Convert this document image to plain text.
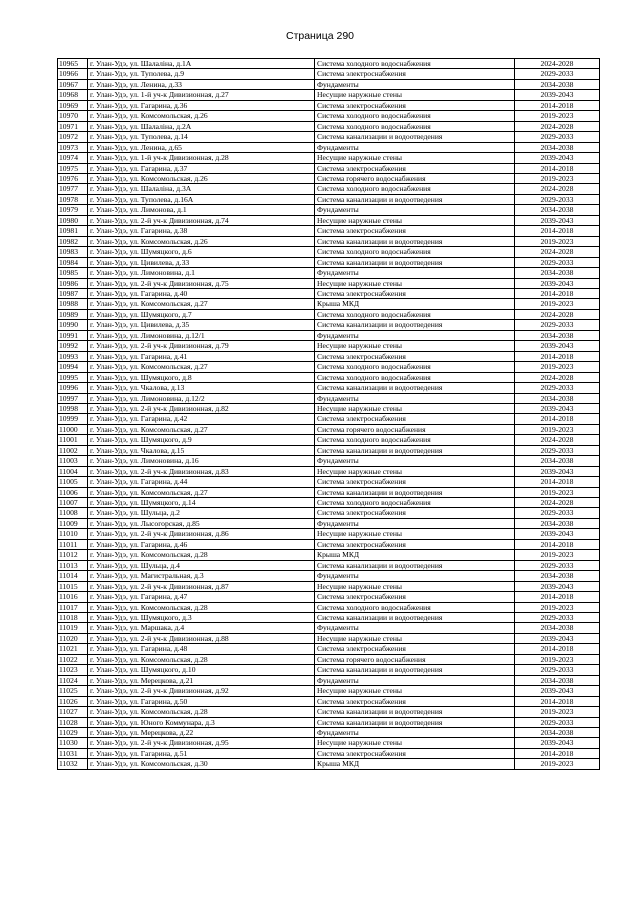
Страница 290
10965	г. Улан-Удэ, ул. Шалаліна, д.1А	Система холодного водоснабжения	2024-2028
10966	г. Улан-Удэ, ул. Туполева, д.9	Система электроснабжения	2029-2033
10967	г. Улан-Удэ, ул. Ленина, д.33	Фундаменты	2034-2038
10968	г. Улан-Удэ, ул. 1-й уч-к Дивизионная, д.27	Несущие наружные стены	2039-2043
10969	г. Улан-Удэ, ул. Гагарина, д.36	Система электроснабжения	2014-2018
10970	г. Улан-Удэ, ул. Комсомольская, д.26	Система холодного водоснабжения	2019-2023
10971	г. Улан-Удэ, ул. Шалаліна, д.2А	Система холодного водоснабжения	2024-2028
10972	г. Улан-Удэ, ул. Туполева, д.14	Система канализации и водоотведения	2029-2033
10973	г. Улан-Удэ, ул. Ленина, д.65	Фундаменты	2034-2038
10974	г. Улан-Удэ, ул. 1-й уч-к Дивизионная, д.28	Несущие наружные стены	2039-2043
10975	г. Улан-Удэ, ул. Гагарина, д.37	Система электроснабжения	2014-2018
10976	г. Улан-Удэ, ул. Комсомольская, д.26	Система горячего водоснабжения	2019-2023
10977	г. Улан-Удэ, ул. Шалаліна, д.3А	Система холодного водоснабжения	2024-2028
10978	г. Улан-Удэ, ул. Туполева, д.16А	Система канализации и водоотведения	2029-2033
10979	г. Улан-Удэ, ул. Лимонова, д.1	Фундаменты	2034-2038
10980	г. Улан-Удэ, ул. 2-й уч-к Дивизионная, д.74	Несущие наружные стены	2039-2043
10981	г. Улан-Удэ, ул. Гагарина, д.38	Система электроснабжения	2014-2018
10982	г. Улан-Удэ, ул. Комсомольская, д.26	Система канализации и водоотведения	2019-2023
10983	г. Улан-Удэ, ул. Шумяцкого, д.6	Система холодного водоснабжения	2024-2028
10984	г. Улан-Удэ, ул. Цивилева, д.33	Система канализации и водоотведения	2029-2033
10985	г. Улан-Удэ, ул. Лимоновина, д.1	Фундаменты	2034-2038
10986	г. Улан-Удэ, ул. 2-й уч-к Дивизионная, д.75	Несущие наружные стены	2039-2043
10987	г. Улан-Удэ, ул. Гагарина, д.40	Система электроснабжения	2014-2018
10988	г. Улан-Удэ, ул. Комсомольская, д.27	Крыша МКД	2019-2023
10989	г. Улан-Удэ, ул. Шумяцкого, д.7	Система холодного водоснабжения	2024-2028
10990	г. Улан-Удэ, ул. Цивилева, д.35	Система канализации и водоотведения	2029-2033
10991	г. Улан-Удэ, ул. Лимоновина, д.12/1	Фундаменты	2034-2038
10992	г. Улан-Удэ, ул. 2-й уч-к Дивизионная, д.79	Несущие наружные стены	2039-2043
10993	г. Улан-Удэ, ул. Гагарина, д.41	Система электроснабжения	2014-2018
10994	г. Улан-Удэ, ул. Комсомольская, д.27	Система холодного водоснабжения	2019-2023
10995	г. Улан-Удэ, ул. Шумяцкого, д.8	Система холодного водоснабжения	2024-2028
10996	г. Улан-Удэ, ул. Чкалова, д.13	Система канализации и водоотведения	2029-2033
10997	г. Улан-Удэ, ул. Лимоновина, д.12/2	Фундаменты	2034-2038
10998	г. Улан-Удэ, ул. 2-й уч-к Дивизионная, д.82	Несущие наружные стены	2039-2043
10999	г. Улан-Удэ, ул. Гагарина, д.42	Система электроснабжения	2014-2018
11000	г. Улан-Удэ, ул. Комсомольская, д.27	Система горячего водоснабжения	2019-2023
11001	г. Улан-Удэ, ул. Шумяцкого, д.9	Система холодного водоснабжения	2024-2028
11002	г. Улан-Удэ, ул. Чкалова, д.15	Система канализации и водоотведения	2029-2033
11003	г. Улан-Удэ, ул. Лимоновина, д.16	Фундаменты	2034-2038
11004	г. Улан-Удэ, ул. 2-й уч-к Дивизионная, д.83	Несущие наружные стены	2039-2043
11005	г. Улан-Удэ, ул. Гагарина, д.44	Система электроснабжения	2014-2018
11006	г. Улан-Удэ, ул. Комсомольская, д.27	Система канализации и водоотведения	2019-2023
11007	г. Улан-Удэ, ул. Шумяцкого, д.14	Система холодного водоснабжения	2024-2028
11008	г. Улан-Удэ, ул. Шульца, д.2	Система электроснабжения	2029-2033
11009	г. Улан-Удэ, ул. Лысогорская, д.85	Фундаменты	2034-2038
11010	г. Улан-Удэ, ул. 2-й уч-к Дивизионная, д.86	Несущие наружные стены	2039-2043
11011	г. Улан-Удэ, ул. Гагарина, д.46	Система электроснабжения	2014-2018
11012	г. Улан-Удэ, ул. Комсомольская, д.28	Крыша МКД	2019-2023
11013	г. Улан-Удэ, ул. Шульца, д.4	Система канализации и водоотведения	2029-2033
11014	г. Улан-Удэ, ул. Магистральная, д.3	Фундаменты	2034-2038
11015	г. Улан-Удэ, ул. 2-й уч-к Дивизионная, д.87	Несущие наружные стены	2039-2043
11016	г. Улан-Удэ, ул. Гагарина, д.47	Система электроснабжения	2014-2018
11017	г. Улан-Удэ, ул. Комсомольская, д.28	Система холодного водоснабжения	2019-2023
11018	г. Улан-Удэ, ул. Шумяцкого, д.3	Система канализации и водоотведения	2029-2033
11019	г. Улан-Удэ, ул. Маршака, д.4	Фундаменты	2034-2038
11020	г. Улан-Удэ, ул. 2-й уч-к Дивизионная, д.88	Несущие наружные стены	2039-2043
11021	г. Улан-Удэ, ул. Гагарина, д.48	Система электроснабжения	2014-2018
11022	г. Улан-Удэ, ул. Комсомольская, д.28	Система горячего водоснабжения	2019-2023
11023	г. Улан-Удэ, ул. Шумяцкого, д.10	Система канализации и водоотведения	2029-2033
11024	г. Улан-Удэ, ул. Мерецкова, д.21	Фундаменты	2034-2038
11025	г. Улан-Удэ, ул. 2-й уч-к Дивизионная, д.92	Несущие наружные стены	2039-2043
11026	г. Улан-Удэ, ул. Гагарина, д.50	Система электроснабжения	2014-2018
11027	г. Улан-Удэ, ул. Комсомольская, д.28	Система канализации и водоотведения	2019-2023
11028	г. Улан-Удэ, ул. Юного Коммунара, д.3	Система канализации и водоотведения	2029-2033
11029	г. Улан-Удэ, ул. Мерецкова, д.22	Фундаменты	2034-2038
11030	г. Улан-Удэ, ул. 2-й уч-к Дивизионная, д.95	Несущие наружные стены	2039-2043
11031	г. Улан-Удэ, ул. Гагарина, д.51	Система электроснабжения	2014-2018
11032	г. Улан-Удэ, ул. Комсомольская, д.30	Крыша МКД	2019-2023
